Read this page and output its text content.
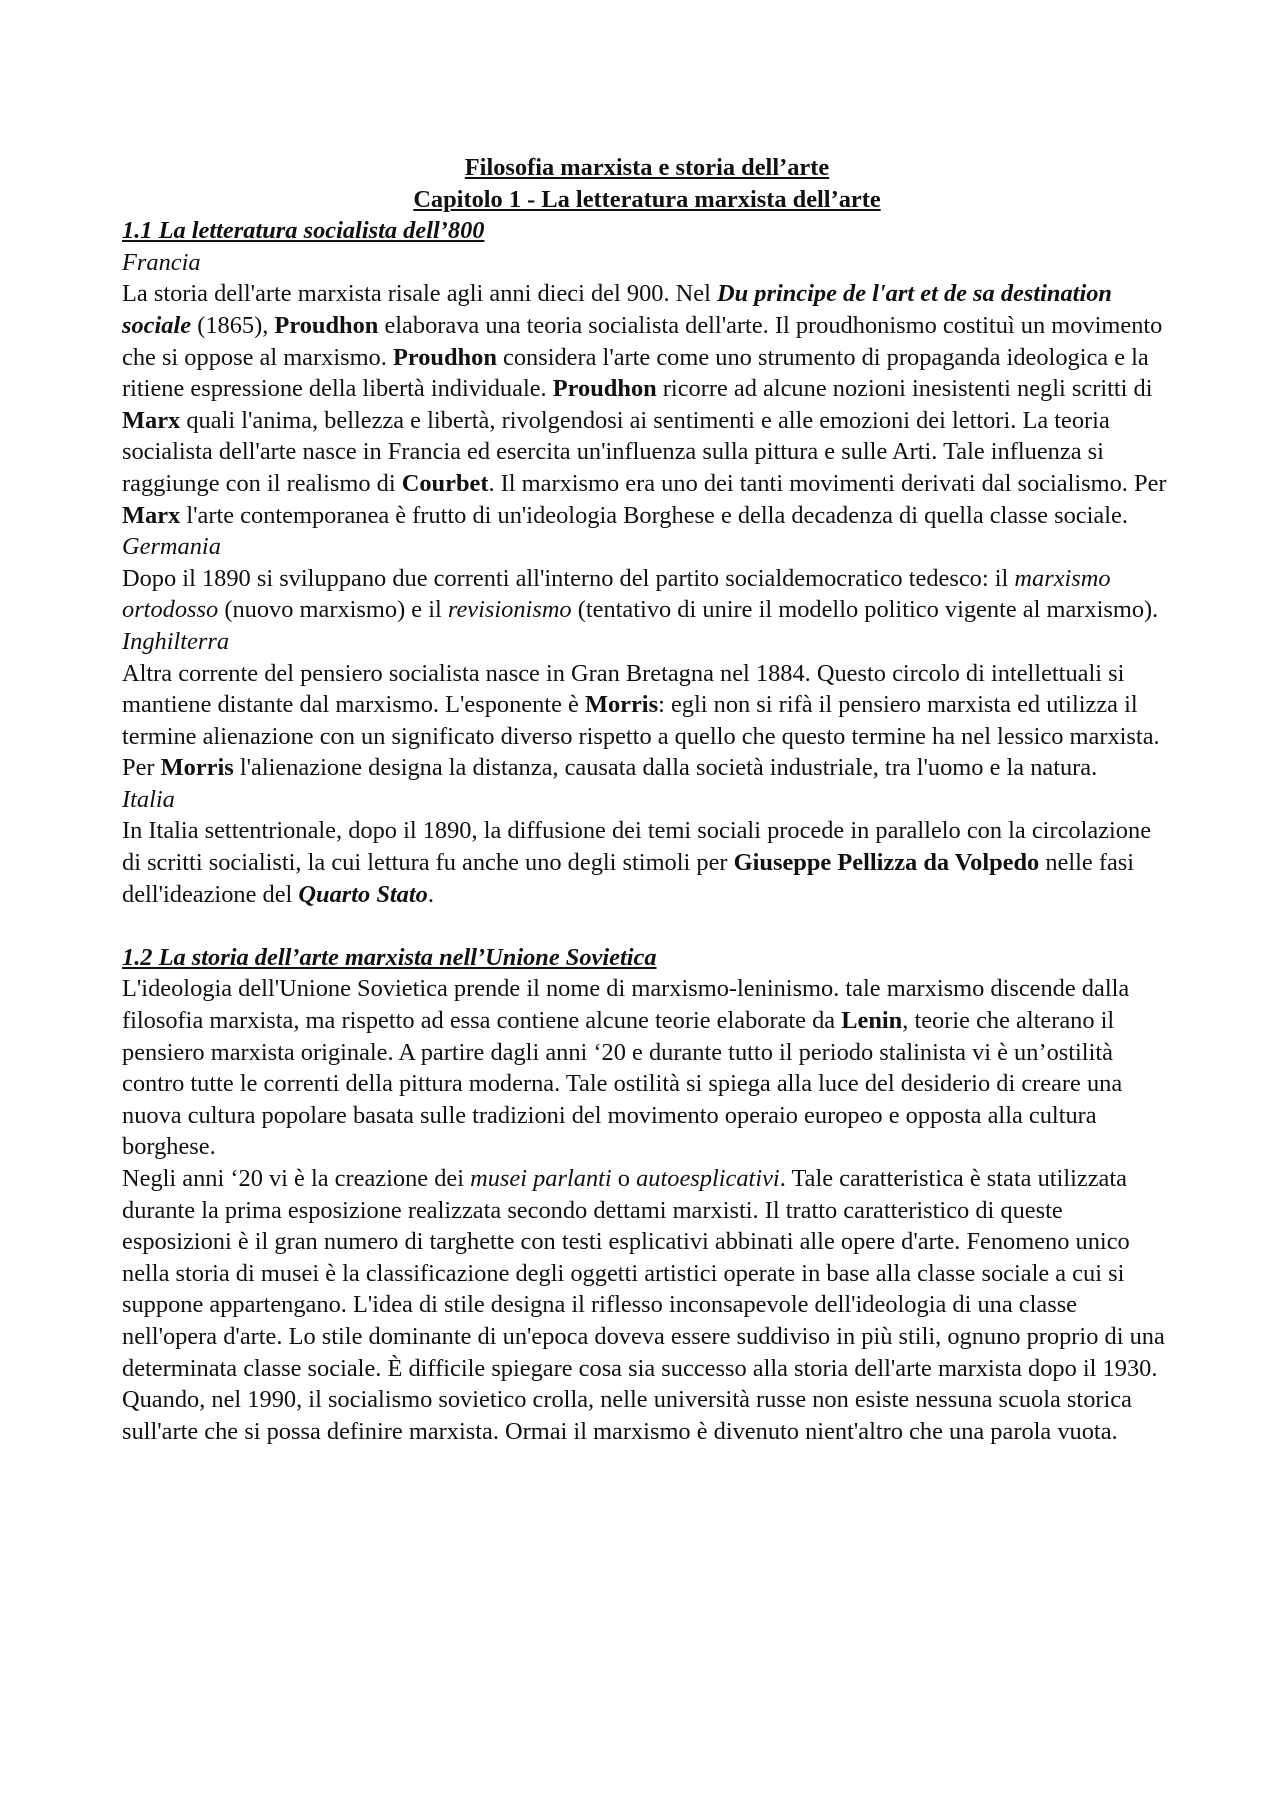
Filosofia marxista e storia dell’arte

Capitolo 1 - La letteratura marxista dell’arte

1.1 La letteratura socialista dell’800

Francia

La storia dell'arte marxista risale agli anni dieci del 900. Nel Du principe de l'art et de sa destination sociale (1865), Proudhon elaborava una teoria socialista dell'arte. Il proudhonismo costituì un movimento che si oppose al marxismo. Proudhon considera l'arte come uno strumento di propaganda ideologica e la ritiene espressione della libertà individuale. Proudhon ricorre ad alcune nozioni inesistenti negli scritti di Marx quali l'anima, bellezza e libertà, rivolgendosi ai sentimenti e alle emozioni dei lettori. La teoria socialista dell'arte nasce in Francia ed esercita un'influenza sulla pittura e sulle Arti. Tale influenza si raggiunge con il realismo di Courbet. Il marxismo era uno dei tanti movimenti derivati dal socialismo. Per Marx l'arte contemporanea è frutto di un'ideologia Borghese e della decadenza di quella classe sociale.

Germania

Dopo il 1890 si sviluppano due correnti all'interno del partito socialdemocratico tedesco: il marxismo ortodosso (nuovo marxismo) e il revisionismo (tentativo di unire il modello politico vigente al marxismo).

Inghilterra

Altra corrente del pensiero socialista nasce in Gran Bretagna nel 1884. Questo circolo di intellettuali si mantiene distante dal marxismo. L'esponente è Morris: egli non si rifà il pensiero marxista ed utilizza il termine alienazione con un significato diverso rispetto a quello che questo termine ha nel lessico marxista. Per Morris l'alienazione designa la distanza, causata dalla società industriale, tra l'uomo e la natura.

Italia

In Italia settentrionale, dopo il 1890, la diffusione dei temi sociali procede in parallelo con la circolazione di scritti socialisti, la cui lettura fu anche uno degli stimoli per Giuseppe Pellizza da Volpedo nelle fasi dell'ideazione del Quarto Stato.

1.2 La storia dell’arte marxista nell’Unione Sovietica

L'ideologia dell'Unione Sovietica prende il nome di marxismo-leninismo. tale marxismo discende dalla filosofia marxista, ma rispetto ad essa contiene alcune teorie elaborate da Lenin, teorie che alterano il pensiero marxista originale. A partire dagli anni ‘20 e durante tutto il periodo stalinista vi è un’ostilità contro tutte le correnti della pittura moderna. Tale ostilità si spiega alla luce del desiderio di creare una nuova cultura popolare basata sulle tradizioni del movimento operaio europeo e opposta alla cultura borghese.

Negli anni ‘20 vi è la creazione dei musei parlanti o autoesplicativi. Tale caratteristica è stata utilizzata durante la prima esposizione realizzata secondo dettami marxisti. Il tratto caratteristico di queste esposizioni è il gran numero di targhette con testi esplicativi abbinati alle opere d'arte. Fenomeno unico nella storia di musei è la classificazione degli oggetti artistici operate in base alla classe sociale a cui si suppone appartengano. L'idea di stile designa il riflesso inconsapevole dell'ideologia di una classe nell'opera d'arte. Lo stile dominante di un'epoca doveva essere suddiviso in più stili, ognuno proprio di una determinata classe sociale. È difficile spiegare cosa sia successo alla storia dell'arte marxista dopo il 1930. Quando, nel 1990, il socialismo sovietico crolla, nelle università russe non esiste nessuna scuola storica sull'arte che si possa definire marxista. Ormai il marxismo è divenuto nient'altro che una parola vuota.
